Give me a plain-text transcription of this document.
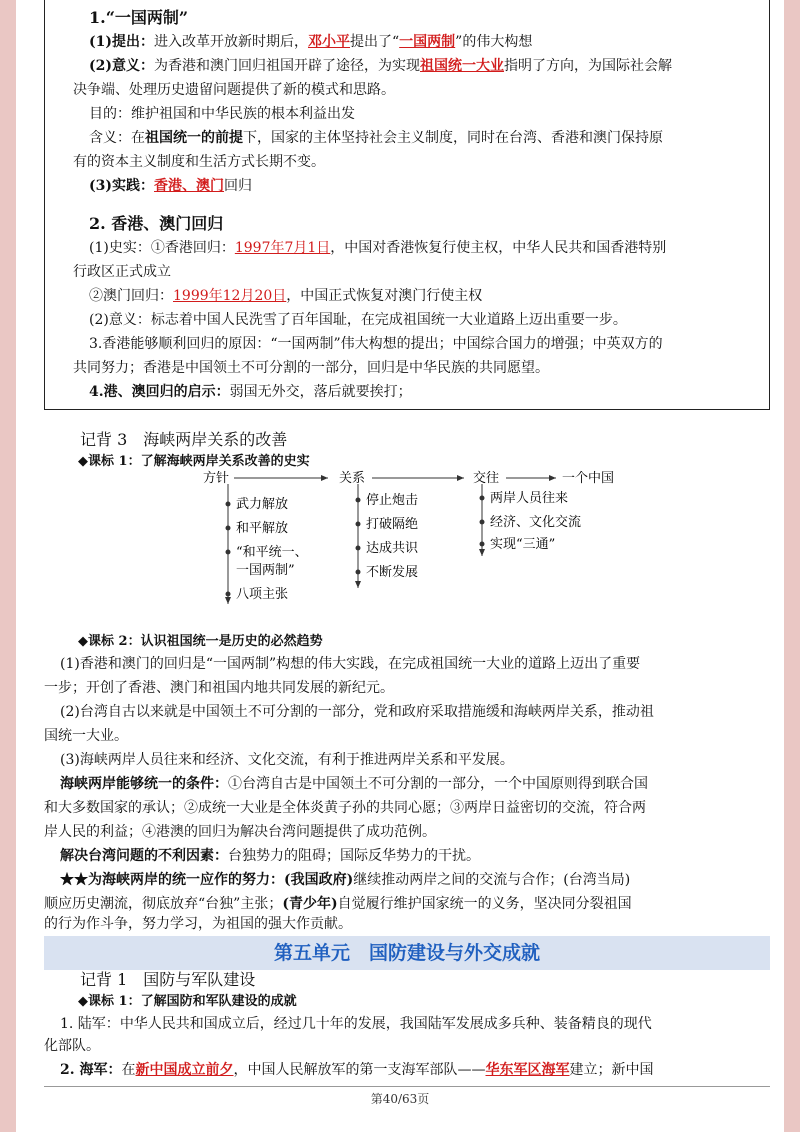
1.“一国两制”
(1)提出：进入改革开放新时期后，邓小平提出了“一国两制”的伟大构想
(2)意义：为香港和澳门回归祖国开辟了途径，为实现祖国统一大业指明了方向，为国际社会解
决争端、处理历史遗留问题提供了新的模式和思路。
目的：维护祖国和中华民族的根本利益出发
含义：在祖国统一的前提下，国家的主体坚持社会主义制度，同时在台湾、香港和澳门保持原
有的资本主义制度和生活方式长期不变。
(3)实践：香港、澳门回归
2. 香港、澳门回归
(1)史实：①香港回归：1997年7月1日，中国对香港恢复行使主权，中华人民共和国香港特别
行政区正式成立
②澳门回归：1999年12月20日，中国正式恢复对澳门行使主权
(2)意义：标志着中国人民洗雪了百年国耻，在完成祖国统一大业道路上迈出重要一步。
3.香港能够顺利回归的原因：“一国两制”伟大构想的提出；中国综合国力的增强；中英双方的
共同努力；香港是中国领土不可分割的一部分，回归是中华民族的共同愿望。
4.港、澳回归的启示：弱国无外交，落后就要挨打；
记背 3　海峡两岸关系的改善
◆课标 1：了解海峡两岸关系改善的史实
方针	关系	交往	一个中国
武力解放
和平解放
“和平统一、
一国两制”
八项主张
停止炮击
打破隔绝
达成共识
不断发展
两岸人员往来
经济、文化交流
实现“三通”
◆课标 2：认识祖国统一是历史的必然趋势
(1)香港和澳门的回归是“一国两制”构想的伟大实践，在完成祖国统一大业的道路上迈出了重要
一步；开创了香港、澳门和祖国内地共同发展的新纪元。
(2)台湾自古以来就是中国领土不可分割的一部分，党和政府采取措施缓和海峡两岸关系，推动祖
国统一大业。
(3)海峡两岸人员往来和经济、文化交流，有利于推进两岸关系和平发展。
海峡两岸能够统一的条件：①台湾自古是中国领土不可分割的一部分，一个中国原则得到联合国
和大多数国家的承认；②成统一大业是全体炎黄子孙的共同心愿；③两岸日益密切的交流，符合两
岸人民的利益；④港澳的回归为解决台湾问题提供了成功范例。
解决台湾问题的不利因素：台独势力的阻碍；国际反华势力的干扰。
★★为海峡两岸的统一应作的努力：(我国政府)继续推动两岸之间的交流与合作；(台湾当局)
顺应历史潮流，彻底放弃“台独”主张；(青少年)自觉履行维护国家统一的义务，坚决同分裂祖国
第五单元　国防建设与外交成就
记背 1　国防与军队建设
◆课标 1：了解国防和军队建设的成就
1. 陆军：中华人民共和国成立后，经过几十年的发展，我国陆军发展成多兵种、装备精良的现代
化部队。
2. 海军：在新中国成立前夕，中国人民解放军的第一支海军部队——华东军区海军建立；新中国
第40/63页
的行为作斗争，努力学习，为祖国的强大作贡献。
